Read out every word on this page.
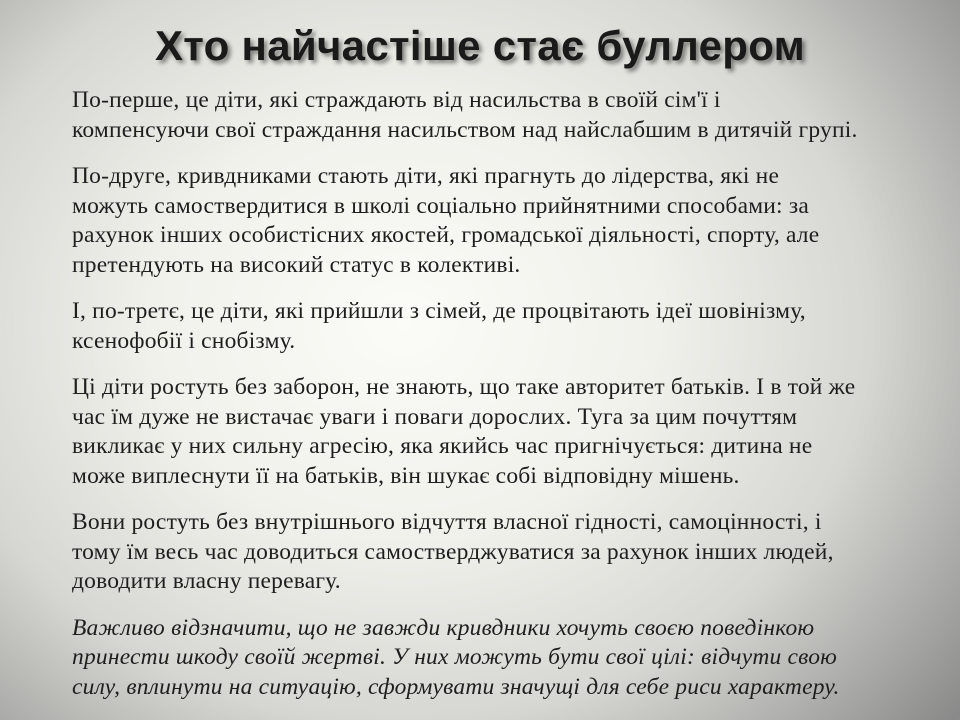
Хто найчастіше стає буллером
По-перше, це діти, які страждають від насильства в своїй сім'ї і
компенсуючи свої страждання насильством над найслабшим в дитячій групі.
По-друге, кривдниками стають діти, які прагнуть до лідерства, які не
можуть самоствердитися в школі соціально прийнятними способами: за
рахунок інших особистісних якостей, громадської діяльності, спорту, але
претендують на високий статус в колективі.
І, по-третє, це діти, які прийшли з сімей, де процвітають ідеї шовінізму,
ксенофобії і снобізму.
Ці діти ростуть без заборон, не знають, що таке авторитет батьків. І в той же
час їм дуже не вистачає уваги і поваги дорослих. Туга за цим почуттям
викликає у них сильну агресію, яка якийсь час пригнічується: дитина не
може виплеснути її на батьків, він шукає собі відповідну мішень.
Вони ростуть без внутрішнього відчуття власної гідності, самоцінності, і
тому їм весь час доводиться самостверджуватися за рахунок інших людей,
доводити власну перевагу.
Важливо відзначити, що не завжди кривдники хочуть своєю поведінкою
принести шкоду своїй жертві. У них можуть бути свої цілі: відчути свою
силу, вплинути на ситуацію, сформувати значущі для себе риси характеру.
